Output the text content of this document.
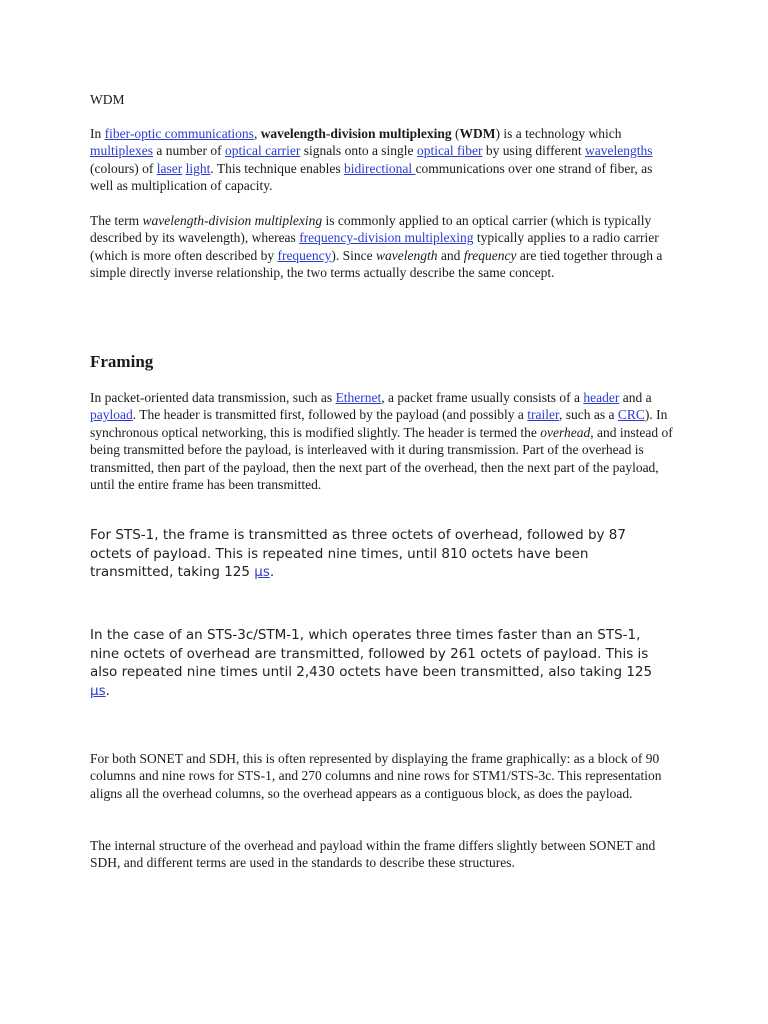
WDM

In fiber-optic communications, wavelength-division multiplexing (WDM) is a technology which multiplexes a number of optical carrier signals onto a single optical fiber by using different wavelengths (colours) of laser light. This technique enables bidirectional communications over one strand of fiber, as well as multiplication of capacity.

The term wavelength-division multiplexing is commonly applied to an optical carrier (which is typically described by its wavelength), whereas frequency-division multiplexing typically applies to a radio carrier (which is more often described by frequency). Since wavelength and frequency are tied together through a simple directly inverse relationship, the two terms actually describe the same concept.

Framing

In packet-oriented data transmission, such as Ethernet, a packet frame usually consists of a header and a payload. The header is transmitted first, followed by the payload (and possibly a trailer, such as a CRC). In synchronous optical networking, this is modified slightly. The header is termed the overhead, and instead of being transmitted before the payload, is interleaved with it during transmission. Part of the overhead is transmitted, then part of the payload, then the next part of the overhead, then the next part of the payload, until the entire frame has been transmitted.

For STS-1, the frame is transmitted as three octets of overhead, followed by 87 octets of payload. This is repeated nine times, until 810 octets have been transmitted, taking 125 µs.

In the case of an STS-3c/STM-1, which operates three times faster than an STS-1, nine octets of overhead are transmitted, followed by 261 octets of payload. This is also repeated nine times until 2,430 octets have been transmitted, also taking 125 µs.

For both SONET and SDH, this is often represented by displaying the frame graphically: as a block of 90 columns and nine rows for STS-1, and 270 columns and nine rows for STM1/STS-3c. This representation aligns all the overhead columns, so the overhead appears as a contiguous block, as does the payload.

The internal structure of the overhead and payload within the frame differs slightly between SONET and SDH, and different terms are used in the standards to describe these structures.
